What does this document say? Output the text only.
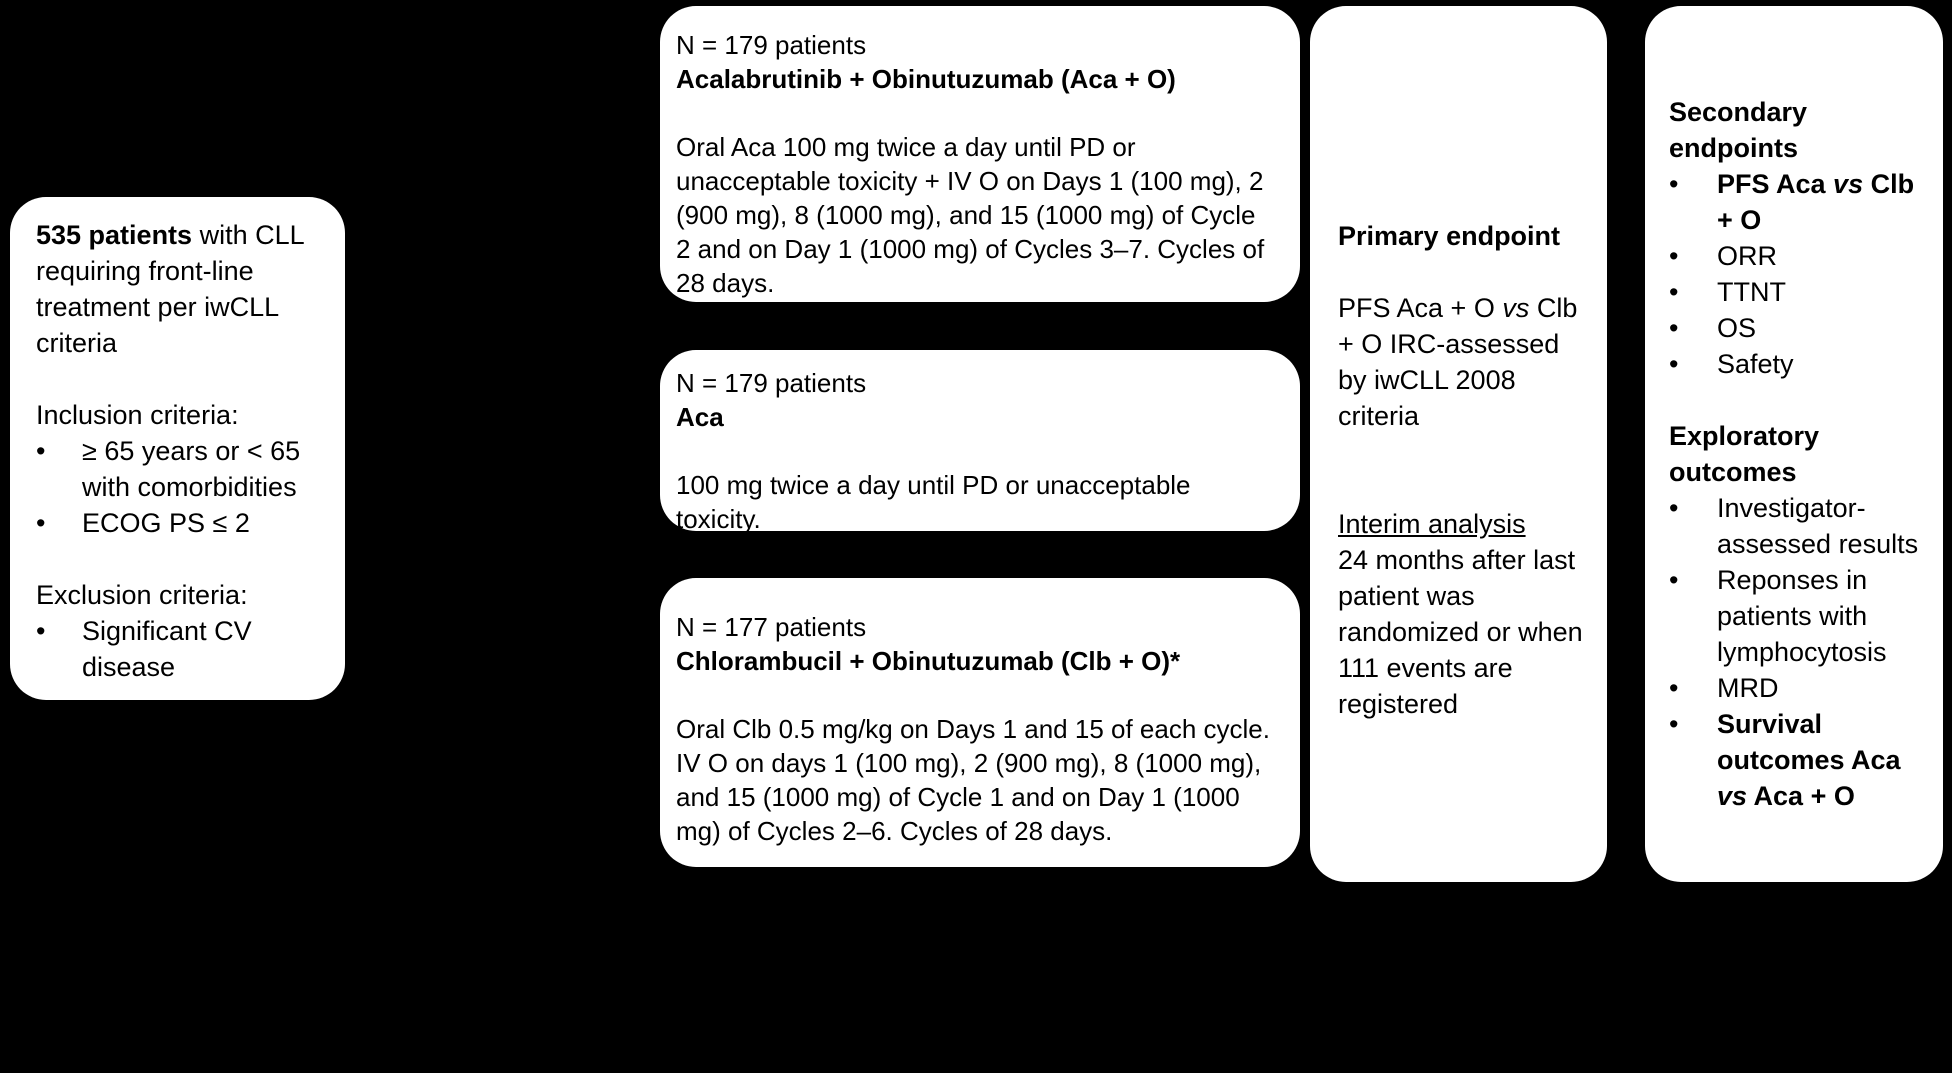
535 patients with CLL requiring front-line treatment per iwCLL criteria

Inclusion criteria:

•	≥ 65 years or < 65 with comorbidities
•	ECOG PS ≤ 2

Exclusion criteria:

•	Significant CV disease

N = 179 patients

Acalabrutinib + Obinutuzumab (Aca + O)

Oral Aca 100 mg twice a day until PD or unacceptable toxicity + IV O on Days 1 (100 mg), 2 (900 mg), 8 (1000 mg), and 15 (1000 mg) of Cycle 2 and on Day 1 (1000 mg) of Cycles 3–7. Cycles of 28 days.

N = 179 patients

Aca

100 mg twice a day until PD or unacceptable toxicity.

N = 177 patients

Chlorambucil + Obinutuzumab (Clb + O)*

Oral Clb 0.5 mg/kg on Days 1 and 15 of each cycle. IV O on days 1 (100 mg), 2 (900 mg), 8 (1000 mg), and 15 (1000 mg) of Cycle 1 and on Day 1 (1000 mg) of Cycles 2–6. Cycles of 28 days.

Primary endpoint

PFS Aca + O vs Clb + O IRC-assessed by iwCLL 2008 criteria

Interim analysis

24 months after last patient was randomized or when 111 events are registered

Secondary endpoints

•	PFS Aca vs Clb + O
•	ORR
•	TTNT
•	OS
•	Safety

Exploratory outcomes

•	Investigator-assessed results
•	Reponses in patients with lymphocytosis
•	MRD
•	Survival outcomes Aca vs Aca + O
